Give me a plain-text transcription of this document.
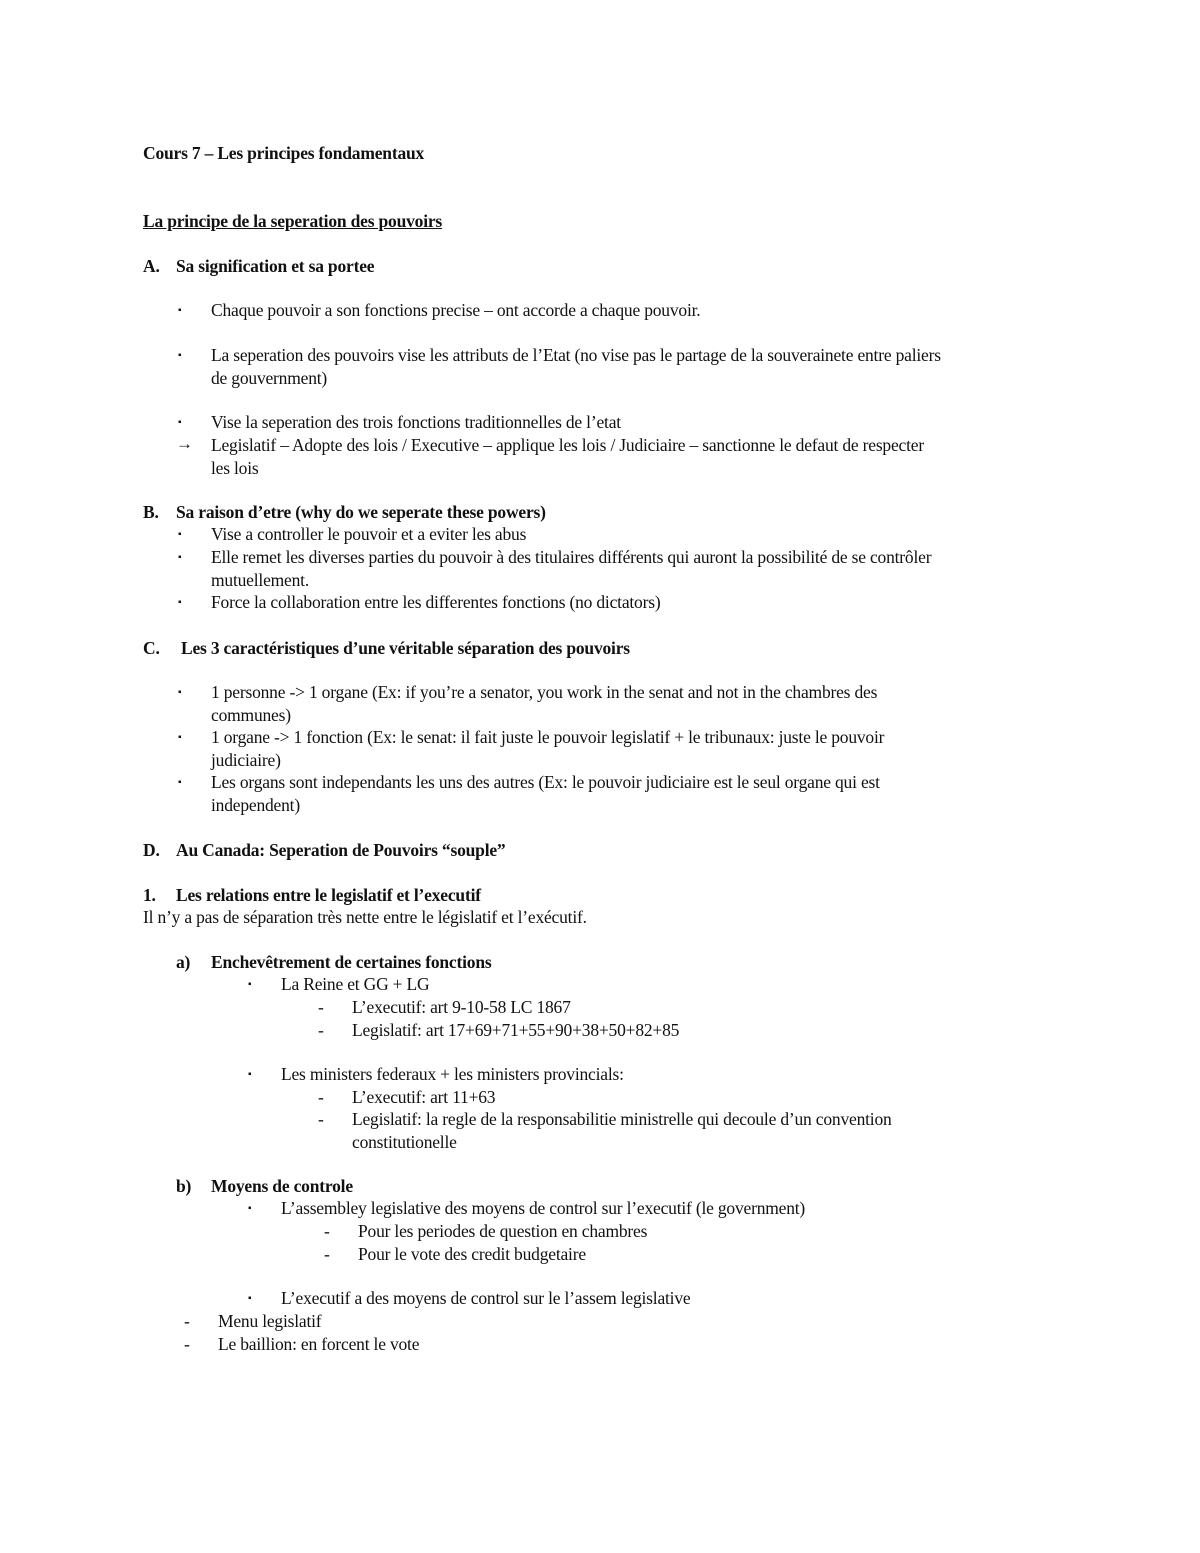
Cours 7 – Les principes fondamentaux
La principe de la seperation des pouvoirs
A. Sa signification et sa portee
▪ Chaque pouvoir a son fonctions precise – ont accorde a chaque pouvoir.
▪ La seperation des pouvoirs vise les attributs de l’Etat (no vise pas le partage de la souverainete entre paliers
de gouvernment)
▪ Vise la seperation des trois fonctions traditionnelles de l’etat
→ Legislatif – Adopte des lois / Executive – applique les lois / Judiciaire – sanctionne le defaut de respecter
les lois
B. Sa raison d’etre (why do we seperate these powers)
▪ Vise a controller le pouvoir et a eviter les abus
▪ Elle remet les diverses parties du pouvoir à des titulaires différents qui auront la possibilité de se contrôler
mutuellement.
▪ Force la collaboration entre les differentes fonctions (no dictators)
C. Les 3 caractéristiques d’une véritable séparation des pouvoirs
▪ 1 personne -> 1 organe (Ex: if you’re a senator, you work in the senat and not in the chambres des
communes)
▪ 1 organe -> 1 fonction (Ex: le senat: il fait juste le pouvoir legislatif + le tribunaux: juste le pouvoir
judiciaire)
▪ Les organs sont independants les uns des autres (Ex: le pouvoir judiciaire est le seul organe qui est
independent)
D. Au Canada: Seperation de Pouvoirs “souple”
1. Les relations entre le legislatif et l’executif
Il n’y a pas de séparation très nette entre le législatif et l’exécutif.
a) Enchevêtrement de certaines fonctions
▪ La Reine et GG + LG
- L’executif: art 9-10-58 LC 1867
- Legislatif: art 17+69+71+55+90+38+50+82+85
▪ Les ministers federaux + les ministers provincials:
- L’executif: art 11+63
- Legislatif: la regle de la responsabilitie ministrelle qui decoule d’un convention
constitutionelle
b) Moyens de controle
▪ L’assembley legislative des moyens de control sur l’executif (le government)
- Pour les periodes de question en chambres
- Pour le vote des credit budgetaire
▪ L’executif a des moyens de control sur le l’assem legislative
- Menu legislatif
- Le baillion: en forcent le vote
